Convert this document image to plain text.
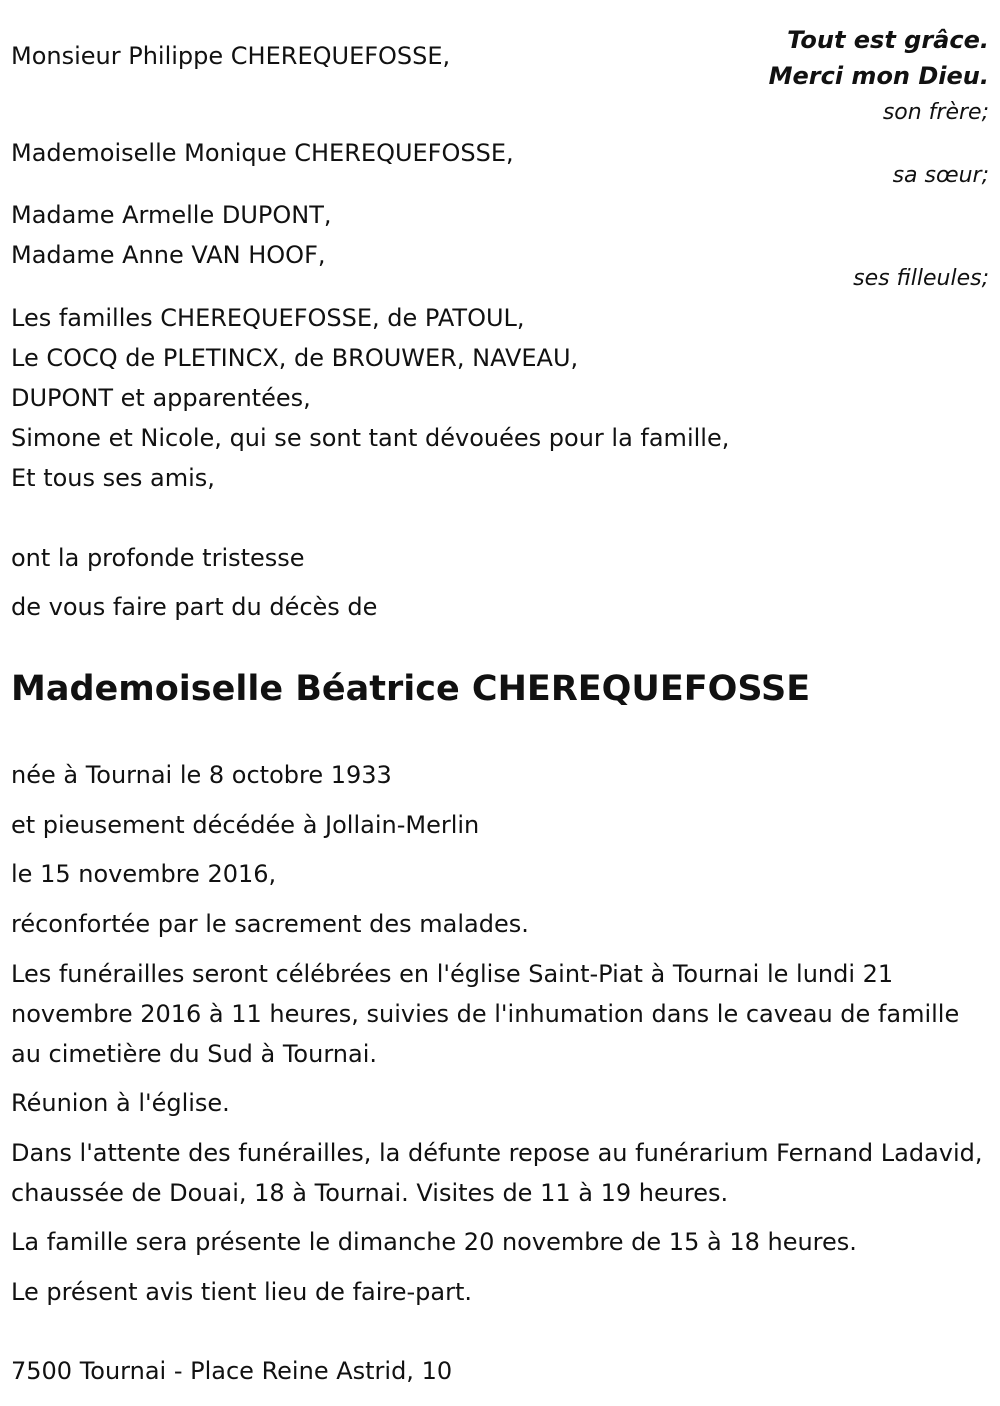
Tout est grâce.
Merci mon Dieu.
son frère;
sa sœur;
ses filleules;
Monsieur Philippe CHEREQUEFOSSE,
Mademoiselle Monique CHEREQUEFOSSE,
Madame Armelle DUPONT,
Madame Anne VAN HOOF,
Les familles CHEREQUEFOSSE, de PATOUL,
Le COCQ de PLETINCX, de BROUWER, NAVEAU,
DUPONT et apparentées,
Simone et Nicole, qui se sont tant dévouées pour la famille,
Et tous ses amis,
ont la profonde tristesse
de vous faire part du décès de
Mademoiselle Béatrice CHEREQUEFOSSE
née à Tournai le 8 octobre 1933
et pieusement décédée à Jollain-Merlin
le 15 novembre 2016,
réconfortée par le sacrement des malades.
Les funérailles seront célébrées en l'église Saint-Piat à Tournai le lundi 21 novembre 2016 à 11 heures, suivies de l'inhumation dans le caveau de famille au cimetière du Sud à Tournai.
Réunion à l'église.
Dans l'attente des funérailles, la défunte repose au funérarium Fernand Ladavid, chaussée de Douai, 18 à Tournai. Visites de 11 à 19 heures.
La famille sera présente le dimanche 20 novembre de 15 à 18 heures.
Le présent avis tient lieu de faire-part.
7500 Tournai - Place Reine Astrid, 10
